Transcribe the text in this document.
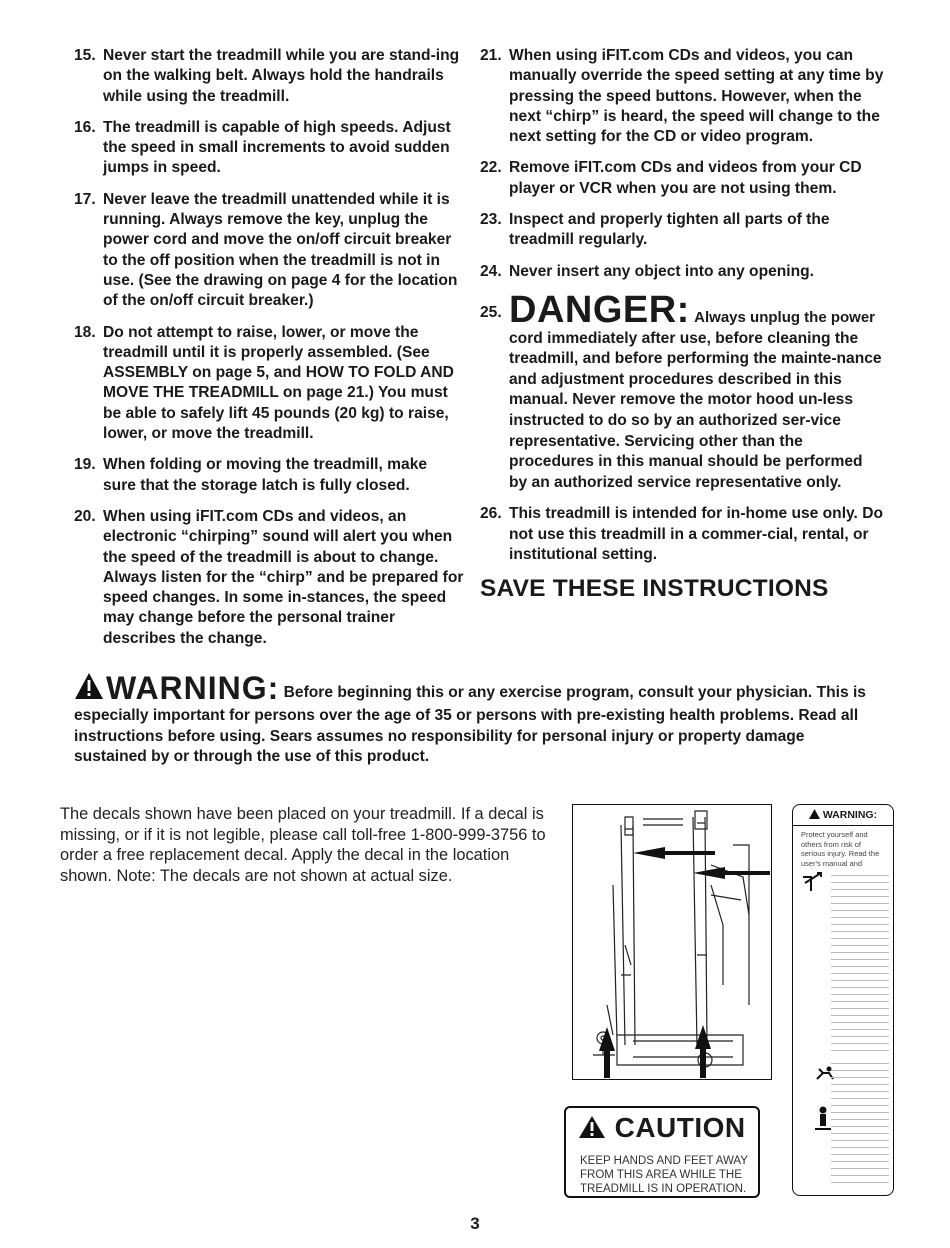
15. Never start the treadmill while you are stand-ing on the walking belt. Always hold the handrails while using the treadmill.
16. The treadmill is capable of high speeds. Adjust the speed in small increments to avoid sudden jumps in speed.
17. Never leave the treadmill unattended while it is running. Always remove the key, unplug the power cord and move the on/off circuit breaker to the off position when the treadmill is not in use. (See the drawing on page 4 for the location of the on/off circuit breaker.)
18. Do not attempt to raise, lower, or move the treadmill until it is properly assembled. (See ASSEMBLY on page 5, and HOW TO FOLD AND MOVE THE TREADMILL on page 21.) You must be able to safely lift 45 pounds (20 kg) to raise, lower, or move the treadmill.
19. When folding or moving the treadmill, make sure that the storage latch is fully closed.
20. When using iFIT.com CDs and videos, an electronic “chirping” sound will alert you when the speed of the treadmill is about to change. Always listen for the “chirp” and be prepared for speed changes. In some in-stances, the speed may change before the personal trainer describes the change.
21. When using iFIT.com CDs and videos, you can manually override the speed setting at any time by pressing the speed buttons. However, when the next “chirp” is heard, the speed will change to the next setting for the CD or video program.
22. Remove iFIT.com CDs and videos from your CD player or VCR when you are not using them.
23. Inspect and properly tighten all parts of the treadmill regularly.
24. Never insert any object into any opening.
25. DANGER: Always unplug the power
cord immediately after use, before cleaning the treadmill, and before performing the mainte-nance and adjustment procedures described in this manual. Never remove the motor hood un-less instructed to do so by an authorized ser-vice representative. Servicing other than the procedures in this manual should be performed by an authorized service representative only.
26. This treadmill is intended for in-home use only. Do not use this treadmill in a commer-cial, rental, or institutional setting.
SAVE THESE INSTRUCTIONS
WARNING: Before beginning this or any exercise program, consult your physician. This is especially important for persons over the age of 35 or persons with pre-existing health problems. Read all instructions before using. Sears assumes no responsibility for personal injury or property damage sustained by or through the use of this product.
The decals shown have been placed on your treadmill. If a decal is missing, or if it is not legible, please call toll-free 1-800-999-3756 to order a free replacement decal. Apply the decal in the location shown. Note: The decals are not shown at actual size.
CAUTION
KEEP HANDS AND FEET AWAY FROM THIS AREA WHILE THE TREADMILL IS IN OPERATION.
WARNING:
Protect yourself and others from risk of serious injury. Read the user's manual and
3
